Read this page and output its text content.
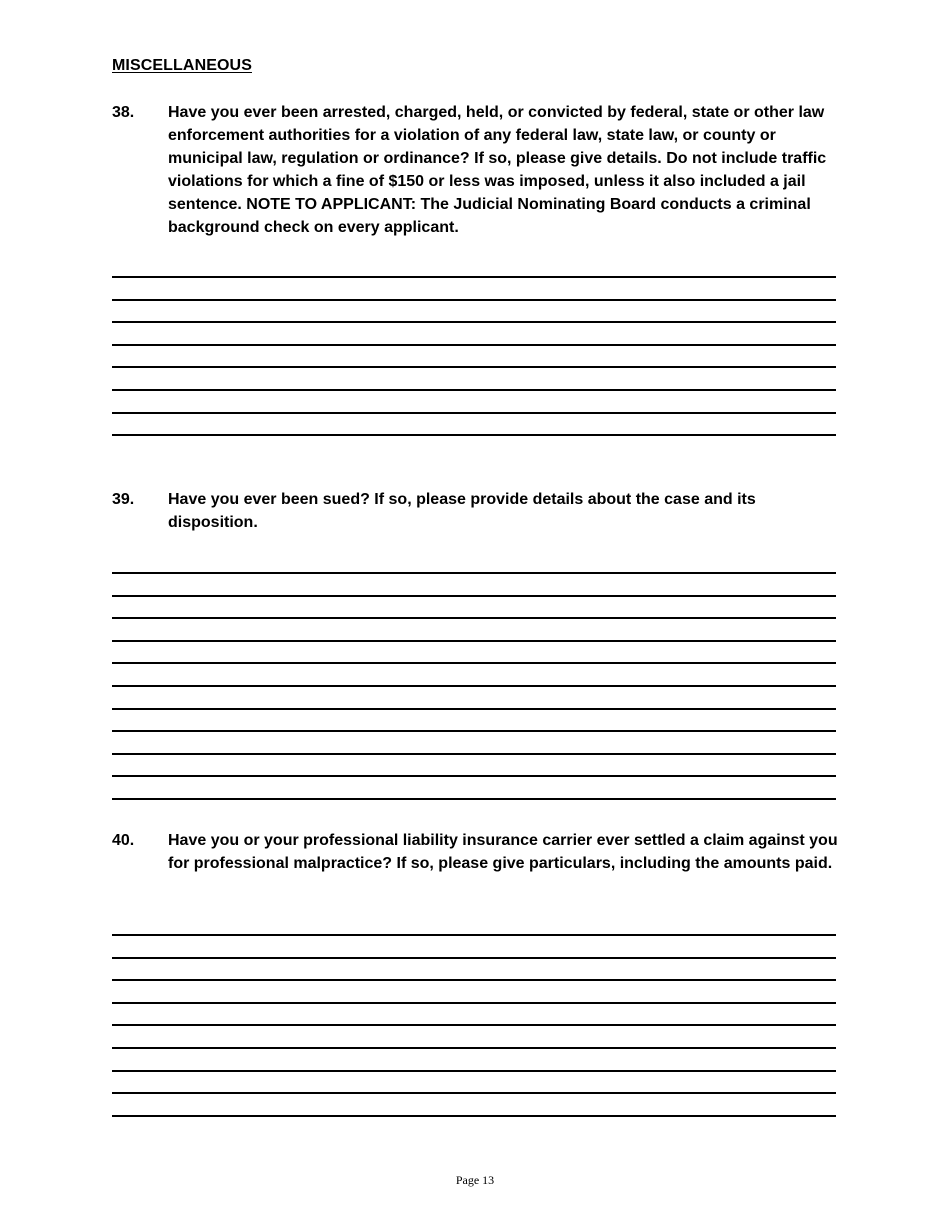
MISCELLANEOUS
38.	Have you ever been arrested, charged, held, or convicted by federal, state or other law enforcement authorities for a violation of any federal law, state law, or county or municipal law, regulation or ordinance? If so, please give details. Do not include traffic violations for which a fine of $150 or less was imposed, unless it also included a jail sentence. NOTE TO APPLICANT: The Judicial Nominating Board conducts a criminal background check on every applicant.
39.	Have you ever been sued? If so, please provide details about the case and its disposition.
40.	Have you or your professional liability insurance carrier ever settled a claim against you for professional malpractice? If so, please give particulars, including the amounts paid.
Page 13
